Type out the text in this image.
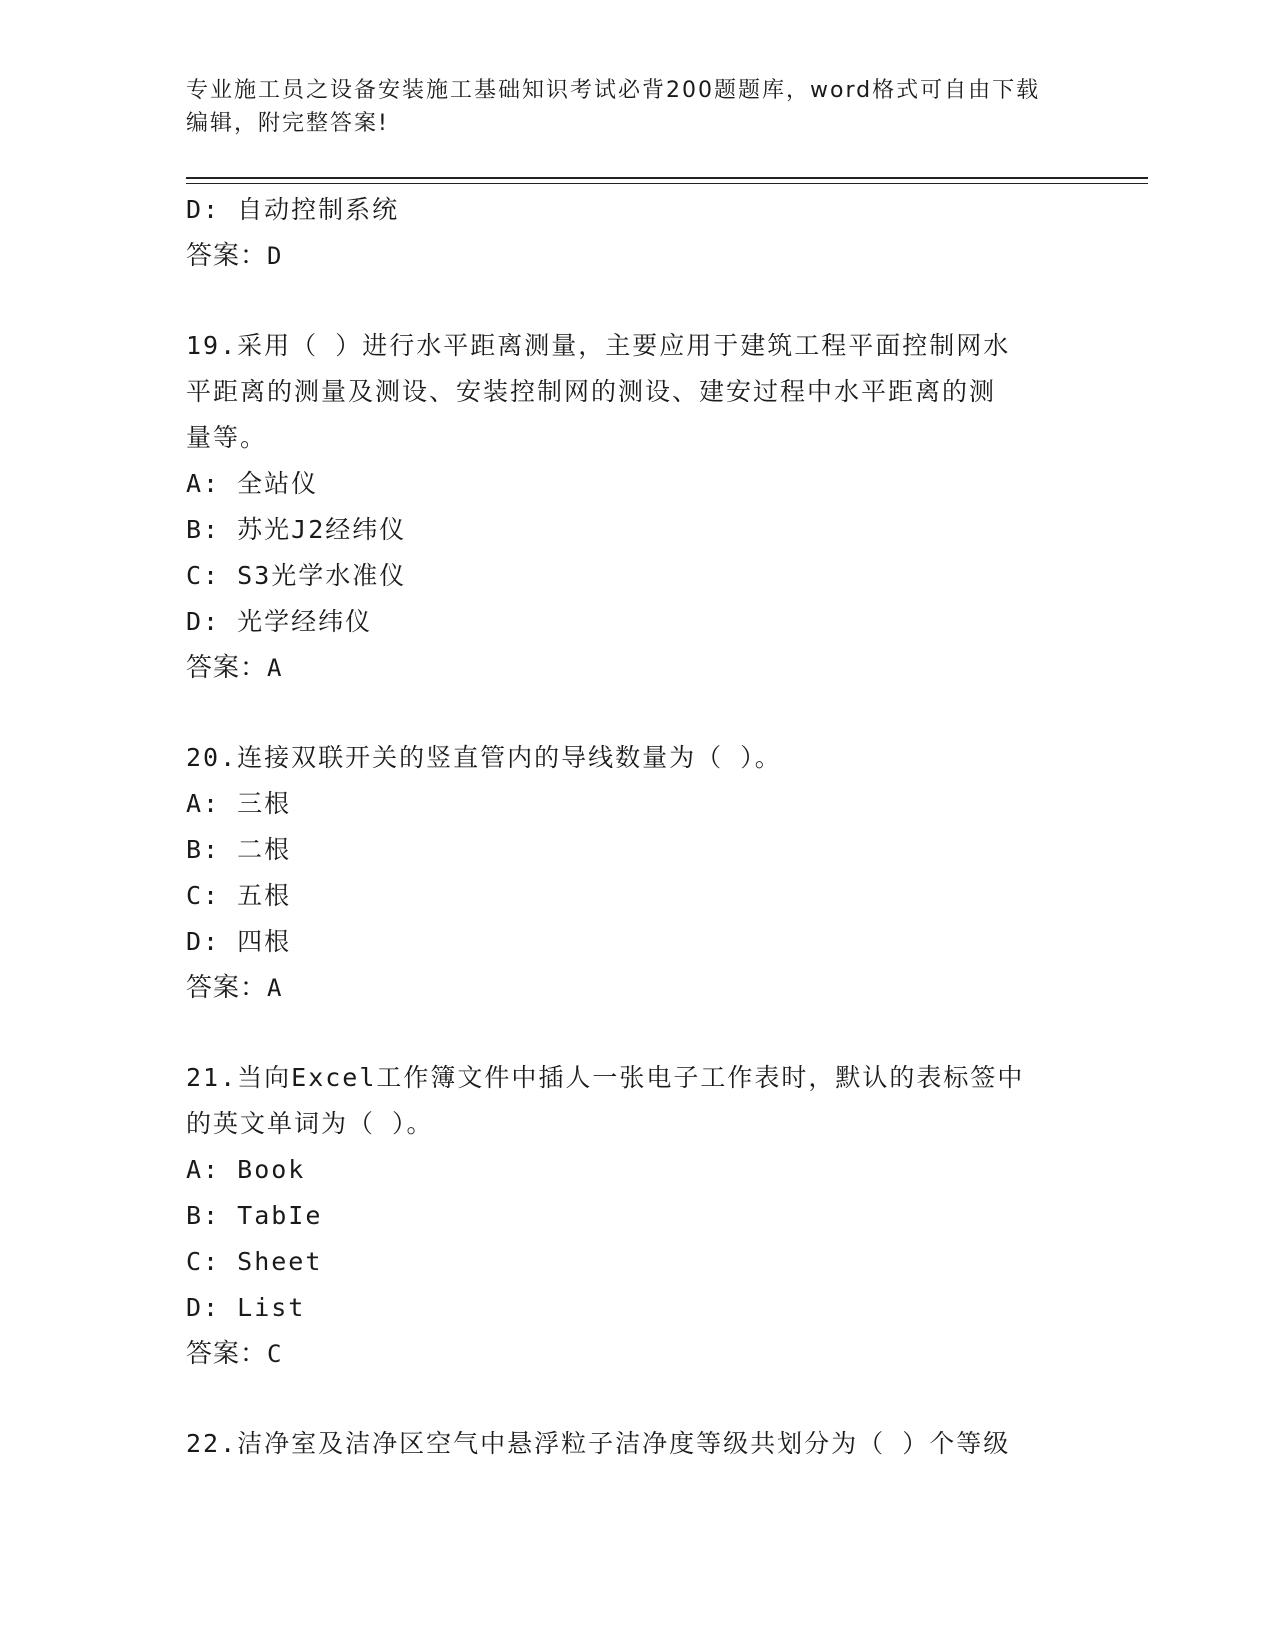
专业施工员之设备安装施工基础知识考试必背200题题库，word格式可自由下载
编辑，附完整答案!
D: 自动控制系统
答案：D
19.采用（ ）进行水平距离测量，主要应用于建筑工程平面控制网水
平距离的测量及测设、安装控制网的测设、建安过程中水平距离的测
量等。
A: 全站仪
B: 苏光J2经纬仪
C: S3光学水准仪
D: 光学经纬仪
答案：A
20.连接双联开关的竖直管内的导线数量为（ ）。
A: 三根
B: 二根
C: 五根
D: 四根
答案：A
21.当向Excel工作簿文件中插人一张电子工作表时，默认的表标签中
的英文单词为（ ）。
A: Book
B: TabIe
C: Sheet
D: List
答案：C
22.洁净室及洁净区空气中悬浮粒子洁净度等级共划分为（ ）个等级
